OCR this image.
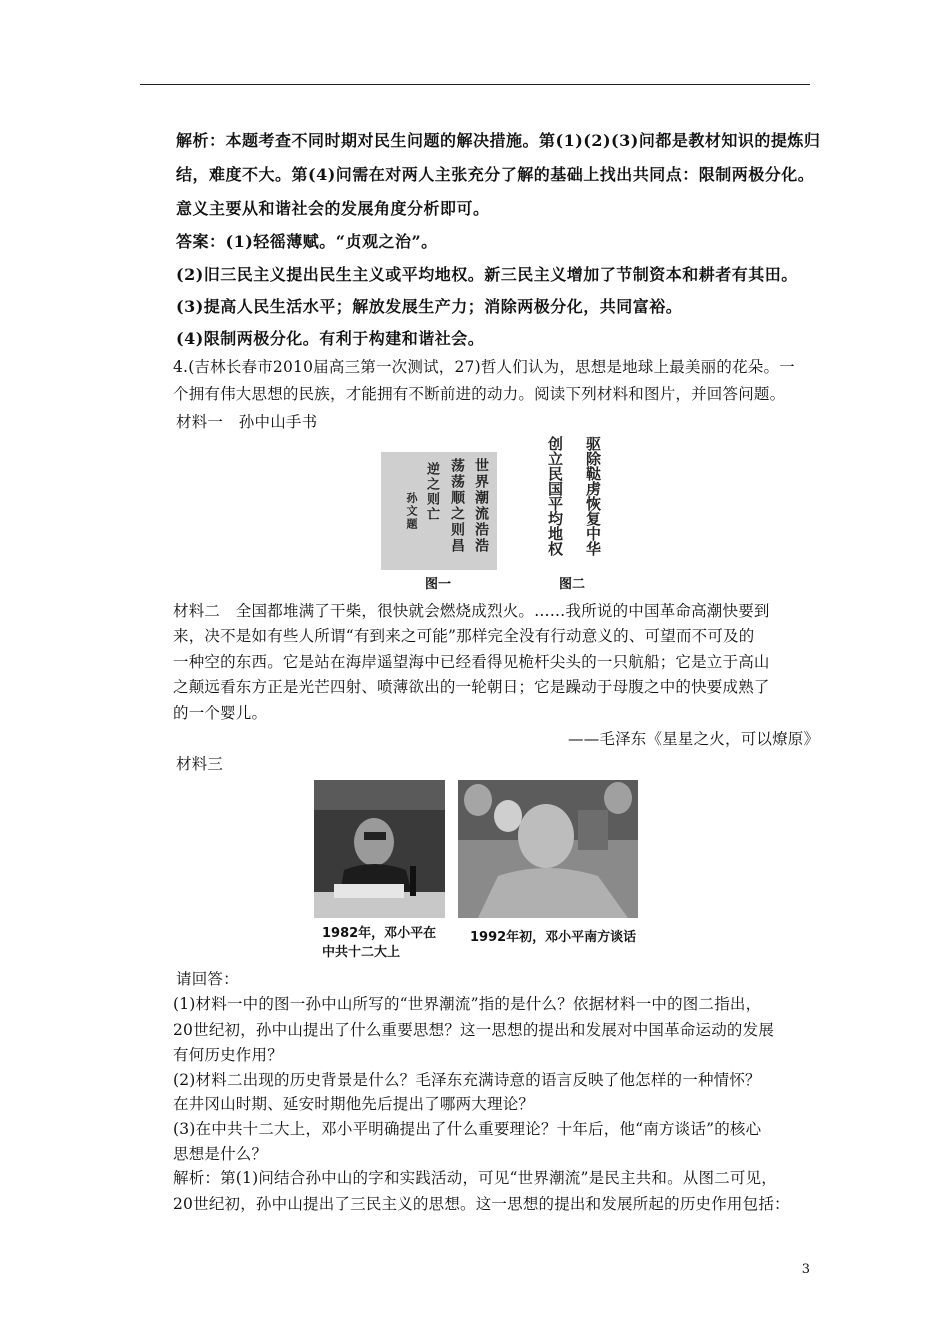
解析：本题考查不同时期对民生问题的解决措施。第(1)(2)(3)问都是教材知识的提炼归
结，难度不大。第(4)问需在对两人主张充分了解的基础上找出共同点：限制两极分化。
意义主要从和谐社会的发展角度分析即可。
答案：(1)轻徭薄赋。“贞观之治”。
(2)旧三民主义提出民生主义或平均地权。新三民主义增加了节制资本和耕者有其田。
(3)提高人民生活水平；解放发展生产力；消除两极分化，共同富裕。
(4)限制两极分化。有利于构建和谐社会。
4.(吉林长春市2010届高三第一次测试，27)哲人们认为，思想是地球上最美丽的花朵。一
个拥有伟大思想的民族，才能拥有不断前进的动力。阅读下列材料和图片，并回答问题。
材料一　孙中山手书
世界潮流浩浩
荡荡顺之则昌
逆之则亡
孙文题
图一
驱除鞑虏恢复中华
创立民国平均地权
图二
材料二　全国都堆满了干柴，很快就会燃烧成烈火。……我所说的中国革命高潮快要到
来，决不是如有些人所谓“有到来之可能”那样完全没有行动意义的、可望而不可及的
一种空的东西。它是站在海岸遥望海中已经看得见桅杆尖头的一只航船；它是立于高山
之颠远看东方正是光芒四射、喷薄欲出的一轮朝日；它是躁动于母腹之中的快要成熟了
的一个婴儿。
——毛泽东《星星之火，可以燎原》
材料三
1982年，邓小平在
中共十二大上
1992年初，邓小平南方谈话
请回答：
(1)材料一中的图一孙中山所写的“世界潮流”指的是什么？依据材料一中的图二指出，
20世纪初，孙中山提出了什么重要思想？这一思想的提出和发展对中国革命运动的发展
有何历史作用？
(2)材料二出现的历史背景是什么？毛泽东充满诗意的语言反映了他怎样的一种情怀？
在井冈山时期、延安时期他先后提出了哪两大理论？
(3)在中共十二大上，邓小平明确提出了什么重要理论？十年后，他“南方谈话”的核心
思想是什么？
解析：第(1)问结合孙中山的字和实践活动，可见“世界潮流”是民主共和。从图二可见，
20世纪初，孙中山提出了三民主义的思想。这一思想的提出和发展所起的历史作用包括：
3
